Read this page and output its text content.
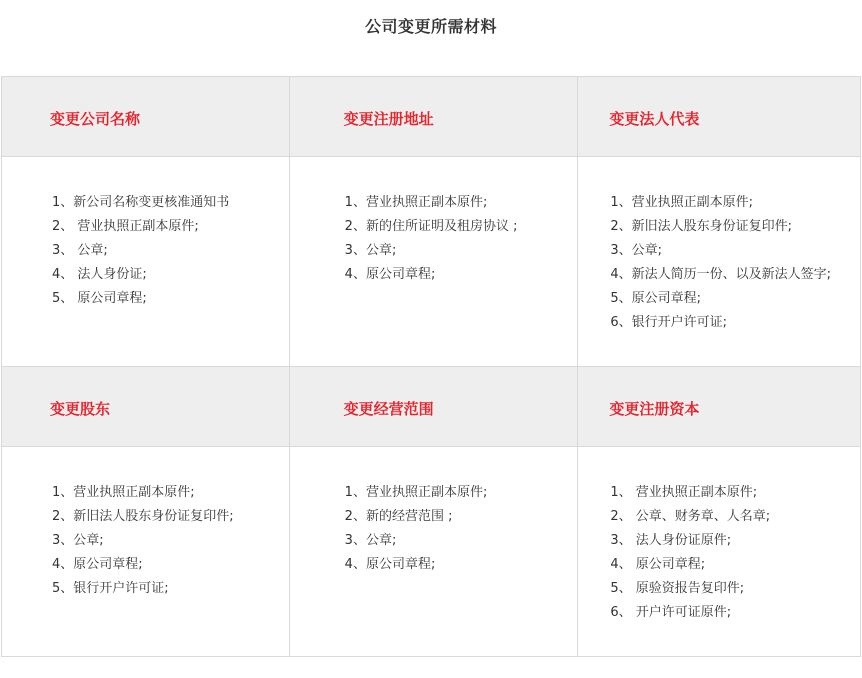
公司变更所需材料
变更公司名称	变更注册地址	变更法人代表
1、新公司名称变更核准通知书
2、 营业执照正副本原件;
3、 公章;
4、 法人身份证;
5、 原公司章程;
1、营业执照正副本原件;
2、新的住所证明及租房协议 ;
3、公章;
4、原公司章程;
1、营业执照正副本原件;
2、新旧法人股东身份证复印件;
3、公章;
4、新法人简历一份、以及新法人签字;
5、原公司章程;
6、银行开户许可证;
变更股东	变更经营范围	变更注册资本
1、营业执照正副本原件;
2、新旧法人股东身份证复印件;
3、公章;
4、原公司章程;
5、银行开户许可证;
1、营业执照正副本原件;
2、新的经营范围 ;
3、公章;
4、原公司章程;
1、 营业执照正副本原件;
2、 公章、财务章、人名章;
3、 法人身份证原件;
4、 原公司章程;
5、 原验资报告复印件;
6、 开户许可证原件;
